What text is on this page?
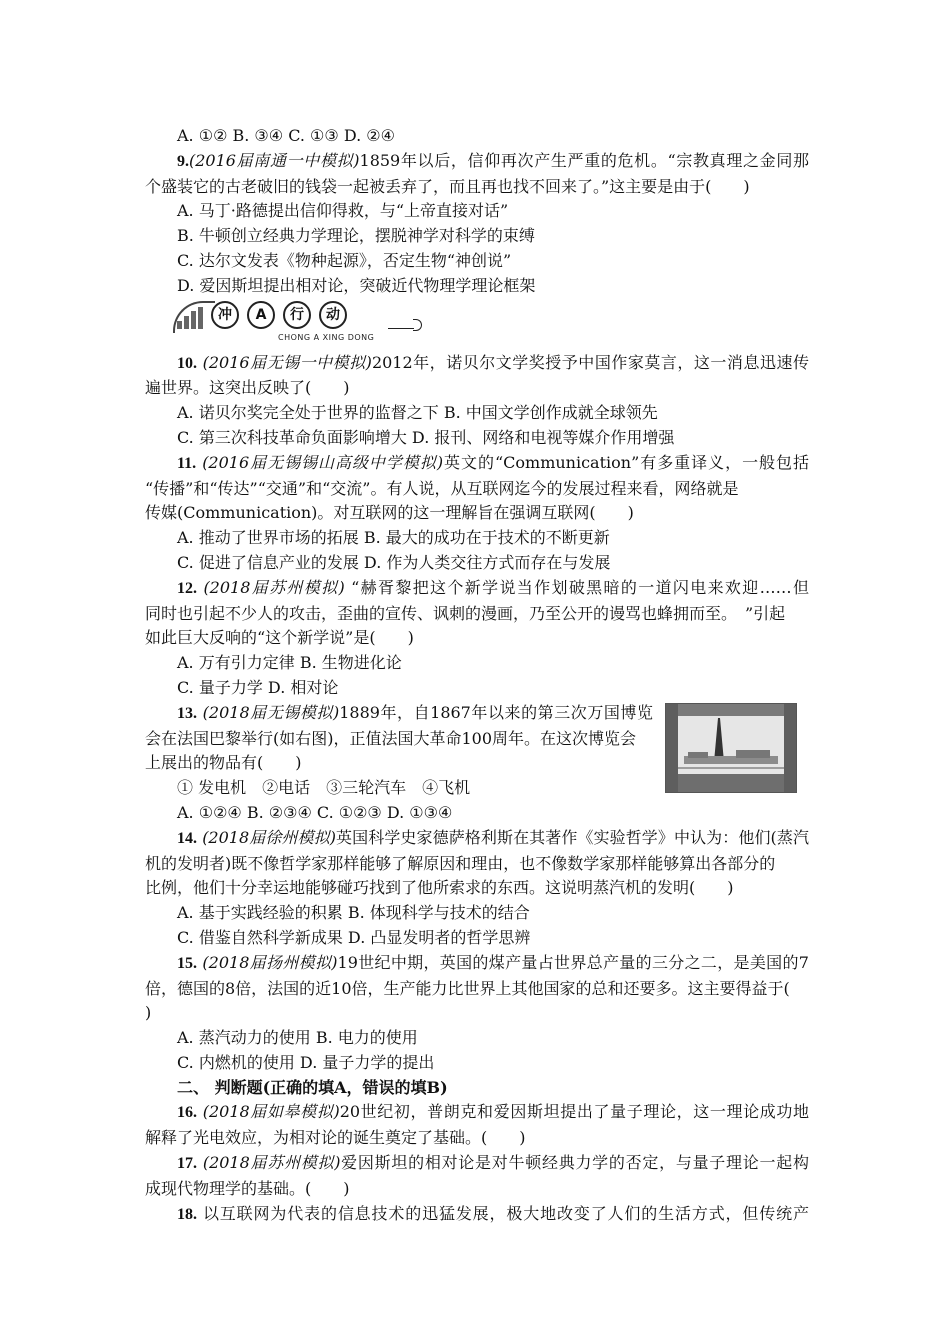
A. ①② B. ③④ C. ①③ D. ②④
9.(2016届南通一中模拟)1859年以后，信仰再次产生严重的危机。“宗教真理之金同那
个盛装它的古老破旧的钱袋一起被丢弃了，而且再也找不回来了。”这主要是由于(　　)
A. 马丁·路德提出信仰得救，与“上帝直接对话”
B. 牛顿创立经典力学理论，摆脱神学对科学的束缚
C. 达尔文发表《物种起源》，否定生物“神创说”
D. 爱因斯坦提出相对论，突破近代物理学理论框架
冲	A	行	动
CHONG A XING DONG
10. (2016届无锡一中模拟)2012年，诺贝尔文学奖授予中国作家莫言，这一消息迅速传
遍世界。这突出反映了(　　)
A. 诺贝尔奖完全处于世界的监督之下 B. 中国文学创作成就全球领先
C. 第三次科技革命负面影响增大 D. 报刊、网络和电视等媒介作用增强
11. (2016届无锡锡山高级中学模拟)英文的“Communication”有多重译义，一般包括
“传播”和“传达”“交通”和“交流”。有人说，从互联网迄今的发展过程来看，网络就是
传媒(Communication)。对互联网的这一理解旨在强调互联网(　　)
A. 推动了世界市场的拓展 B. 最大的成功在于技术的不断更新
C. 促进了信息产业的发展 D. 作为人类交往方式而存在与发展
12. (2018届苏州模拟) “赫胥黎把这个新学说当作划破黑暗的一道闪电来欢迎……但
同时也引起不少人的攻击，歪曲的宣传、讽刺的漫画，乃至公开的谩骂也蜂拥而至。　”引起
如此巨大反响的“这个新学说”是(　　)
A. 万有引力定律 B. 生物进化论
C. 量子力学 D. 相对论
13. (2018届无锡模拟)1889年，自1867年以来的第三次万国博览
会在法国巴黎举行(如右图)，正值法国大革命100周年。在这次博览会
上展出的物品有(　　)
① 发电机　②电话　③三轮汽车　④飞机
A. ①②④ B. ②③④ C. ①②③ D. ①③④
14. (2018届徐州模拟)英国科学史家德萨格利斯在其著作《实验哲学》中认为：他们(蒸汽
机的发明者)既不像哲学家那样能够了解原因和理由，也不像数学家那样能够算出各部分的
比例，他们十分幸运地能够碰巧找到了他所索求的东西。这说明蒸汽机的发明(　　)
A. 基于实践经验的积累 B. 体现科学与技术的结合
C. 借鉴自然科学新成果 D. 凸显发明者的哲学思辨
15. (2018届扬州模拟)19世纪中期，英国的煤产量占世界总产量的三分之二，是美国的7
倍，德国的8倍，法国的近10倍，生产能力比世界上其他国家的总和还要多。这主要得益于(
)
A. 蒸汽动力的使用 B. 电力的使用
C. 内燃机的使用 D. 量子力学的提出
二、 判断题(正确的填A，错误的填B)
16. (2018届如皋模拟)20世纪初，普朗克和爱因斯坦提出了量子理论，这一理论成功地
解释了光电效应，为相对论的诞生奠定了基础。(　　)
17. (2018届苏州模拟)爱因斯坦的相对论是对牛顿经典力学的否定，与量子理论一起构
成现代物理学的基础。(　　)
18. 以互联网为代表的信息技术的迅猛发展，极大地改变了人们的生活方式，但传统产
